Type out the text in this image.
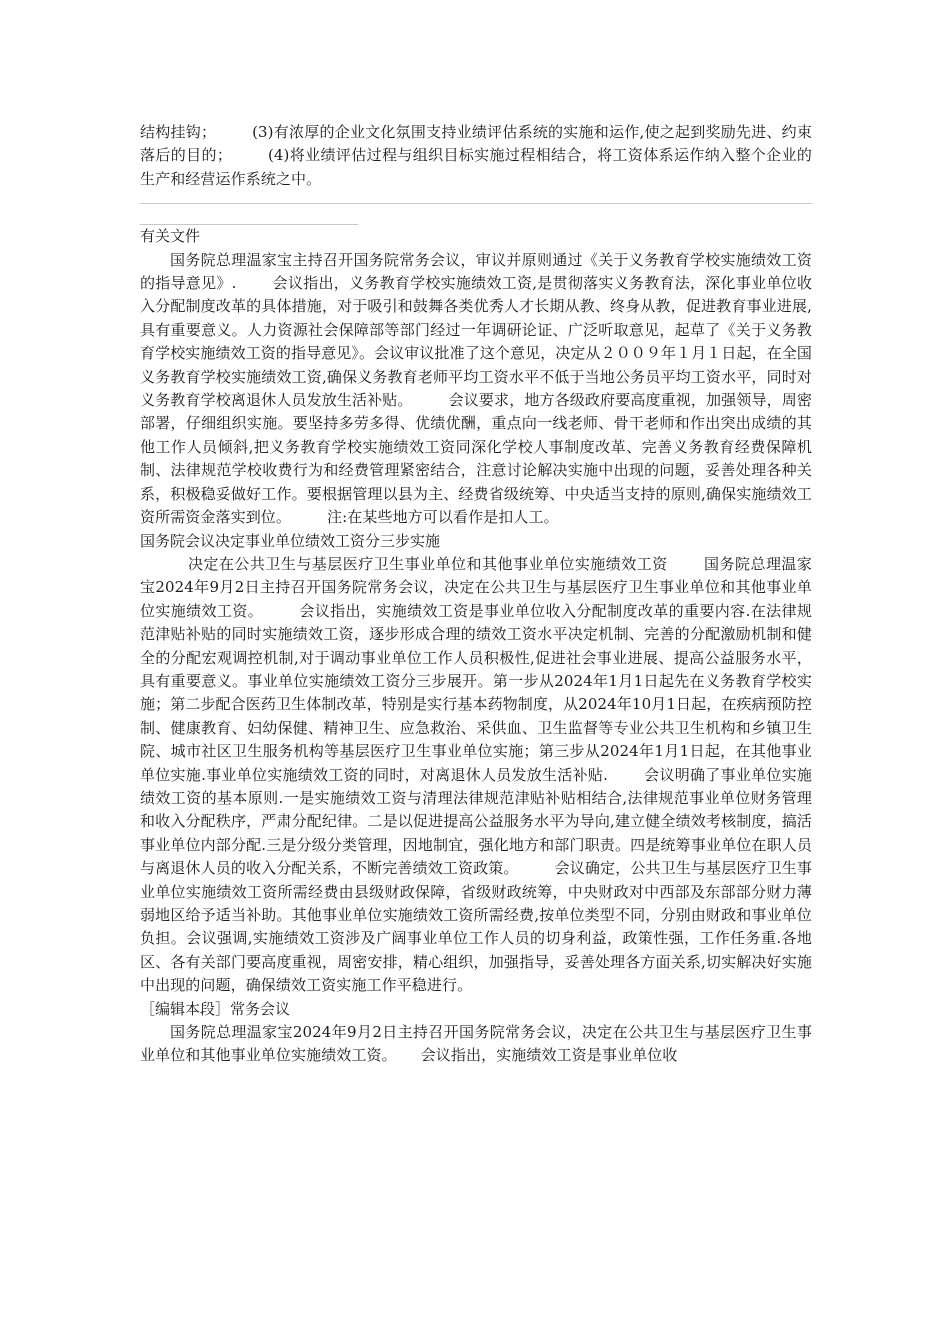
结构挂钩； (3)有浓厚的企业文化氛围支持业绩评估系统的实施和运作,使之起到奖励先进、约束落后的目的； (4)将业绩评估过程与组织目标实施过程相结合，将工资体系运作纳入整个企业的生产和经营运作系统之中。

有关文件

国务院总理温家宝主持召开国务院常务会议，审议并原则通过《关于义务教育学校实施绩效工资的指导意见》. 会议指出，义务教育学校实施绩效工资,是贯彻落实义务教育法，深化事业单位收入分配制度改革的具体措施，对于吸引和鼓舞各类优秀人才长期从教、终身从教，促进教育事业进展,具有重要意义。人力资源社会保障部等部门经过一年调研论证、广泛听取意见，起草了《关于义务教育学校实施绩效工资的指导意见》。会议审议批准了这个意见，决定从２００９年１月１日起，在全国义务教育学校实施绩效工资,确保义务教育老师平均工资水平不低于当地公务员平均工资水平，同时对义务教育学校离退休人员发放生活补贴。 会议要求，地方各级政府要高度重视，加强领导，周密部署，仔细组织实施。要坚持多劳多得、优绩优酬，重点向一线老师、骨干老师和作出突出成绩的其他工作人员倾斜,把义务教育学校实施绩效工资同深化学校人事制度改革、完善义务教育经费保障机制、法律规范学校收费行为和经费管理紧密结合，注意讨论解决实施中出现的问题，妥善处理各种关系，积极稳妥做好工作。要根据管理以县为主、经费省级统筹、中央适当支持的原则,确保实施绩效工资所需资金落实到位。 注:在某些地方可以看作是扣人工。

国务院会议决定事业单位绩效工资分三步实施

决定在公共卫生与基层医疗卫生事业单位和其他事业单位实施绩效工资 国务院总理温家宝2024年9月2日主持召开国务院常务会议，决定在公共卫生与基层医疗卫生事业单位和其他事业单位实施绩效工资。 会议指出，实施绩效工资是事业单位收入分配制度改革的重要内容.在法律规范津贴补贴的同时实施绩效工资，逐步形成合理的绩效工资水平决定机制、完善的分配激励机制和健全的分配宏观调控机制,对于调动事业单位工作人员积极性,促进社会事业进展、提高公益服务水平，具有重要意义。事业单位实施绩效工资分三步展开。第一步从2024年1月1日起先在义务教育学校实施；第二步配合医药卫生体制改革，特别是实行基本药物制度，从2024年10月1日起，在疾病预防控制、健康教育、妇幼保健、精神卫生、应急救治、采供血、卫生监督等专业公共卫生机构和乡镇卫生院、城市社区卫生服务机构等基层医疗卫生事业单位实施；第三步从2024年1月1日起，在其他事业单位实施.事业单位实施绩效工资的同时，对离退休人员发放生活补贴. 会议明确了事业单位实施绩效工资的基本原则.一是实施绩效工资与清理法律规范津贴补贴相结合,法律规范事业单位财务管理和收入分配秩序，严肃分配纪律。二是以促进提高公益服务水平为导向,建立健全绩效考核制度，搞活事业单位内部分配.三是分级分类管理，因地制宜，强化地方和部门职责。四是统筹事业单位在职人员与离退休人员的收入分配关系，不断完善绩效工资政策。 会议确定，公共卫生与基层医疗卫生事业单位实施绩效工资所需经费由县级财政保障，省级财政统筹，中央财政对中西部及东部部分财力薄弱地区给予适当补助。其他事业单位实施绩效工资所需经费,按单位类型不同，分别由财政和事业单位负担。会议强调,实施绩效工资涉及广阔事业单位工作人员的切身利益，政策性强，工作任务重.各地区、各有关部门要高度重视，周密安排，精心组织，加强指导，妥善处理各方面关系,切实解决好实施中出现的问题，确保绩效工资实施工作平稳进行。

［编辑本段］常务会议

国务院总理温家宝2024年9月2日主持召开国务院常务会议，决定在公共卫生与基层医疗卫生事业单位和其他事业单位实施绩效工资。 会议指出，实施绩效工资是事业单位收
